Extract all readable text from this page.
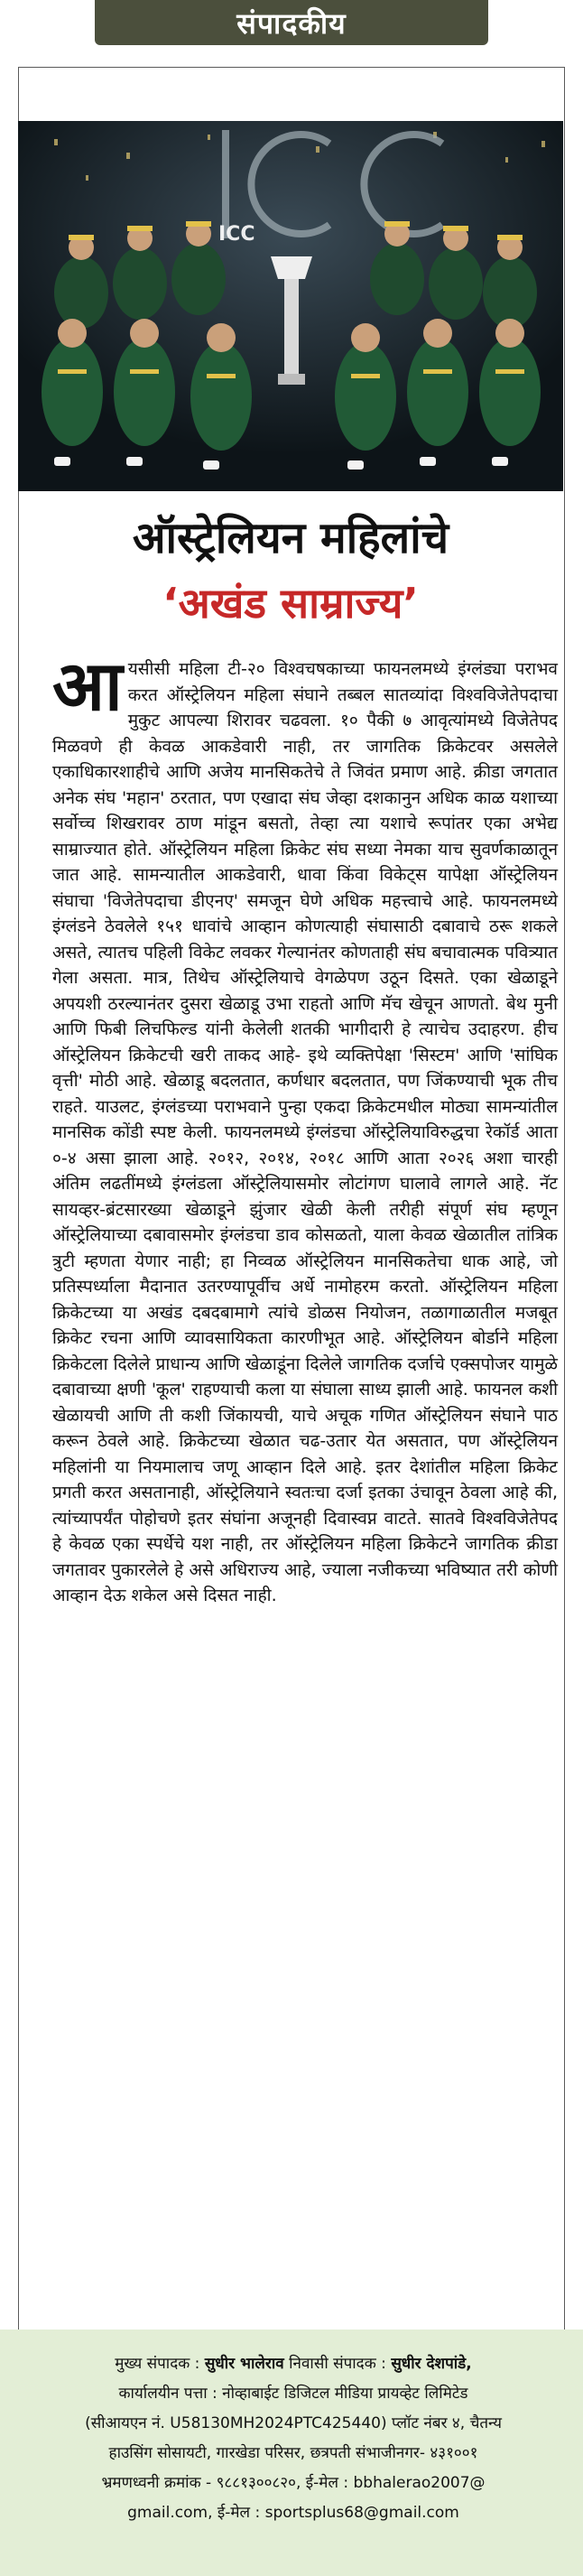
संपादकीय
ICC
ऑस्ट्रेलियन महिलांचे
‘अखंड साम्राज्य’

आयसीसी महिला टी-२० विश्वचषकाच्या फायनलमध्ये इंग्लंड्या पराभव करत ऑस्ट्रेलियन महिला संघाने तब्बल सातव्यांदा विश्वविजेतेपदाचा मुकुट आपल्या शिरावर चढवला. १० पैकी ७ आवृत्यांमध्ये विजेतेपद मिळवणे ही केवळ आकडेवारी नाही, तर जागतिक क्रिकेटवर असलेले एकाधिकारशाहीचे आणि अजेय मानसिकतेचे ते जिवंत प्रमाण आहे. क्रीडा जगतात अनेक संघ 'महान' ठरतात, पण एखादा संघ जेव्हा दशकानुन अधिक काळ यशाच्या सर्वोच्च शिखरावर ठाण मांडून बसतो, तेव्हा त्या यशाचे रूपांतर एका अभेद्य साम्राज्यात होते. ऑस्ट्रेलियन महिला क्रिकेट संघ सध्या नेमका याच सुवर्णकाळातून जात आहे. सामन्यातील आकडेवारी, धावा किंवा विकेट्स यापेक्षा ऑस्ट्रेलियन संघाचा 'विजेतेपदाचा डीएनए' समजून घेणे अधिक महत्त्वाचे आहे. फायनलमध्ये इंग्लंडने ठेवलेले १५१ धावांचे आव्हान कोणत्याही संघासाठी दबावाचे ठरू शकले असते, त्यातच पहिली विकेट लवकर गेल्यानंतर कोणताही संघ बचावात्मक पवित्र्यात गेला असता. मात्र, तिथेच ऑस्ट्रेलियाचे वेगळेपण उठून दिसते. एका खेळाडूने अपयशी ठरल्यानंतर दुसरा खेळाडू उभा राहतो आणि मॅच खेचून आणतो. बेथ मुनी आणि फिबी लिचफिल्ड यांनी केलेली शतकी भागीदारी हे त्याचेच उदाहरण. हीच ऑस्ट्रेलियन क्रिकेटची खरी ताकद आहे- इथे व्यक्तिपेक्षा 'सिस्टम' आणि 'सांघिक वृत्ती' मोठी आहे. खेळाडू बदलतात, कर्णधार बदलतात, पण जिंकण्याची भूक तीच राहते. याउलट, इंग्लंडच्या पराभवाने पुन्हा एकदा क्रिकेटमधील मोठ्या सामन्यांतील मानसिक कोंडी स्पष्ट केली. फायनलमध्ये इंग्लंडचा ऑस्ट्रेलियाविरुद्धचा रेकॉर्ड आता ०-४ असा झाला आहे. २०१२, २०१४, २०१८ आणि आता २०२६ अशा चारही अंतिम लढतींमध्ये इंग्लंडला ऑस्ट्रेलियासमोर लोटांगण घालावे लागले आहे. नॅट सायव्हर-ब्रंटसारख्या खेळाडूने झुंजार खेळी केली तरीही संपूर्ण संघ म्हणून ऑस्ट्रेलियाच्या दबावासमोर इंग्लंडचा डाव कोसळतो, याला केवळ खेळातील तांत्रिक त्रुटी म्हणता येणार नाही; हा निव्वळ ऑस्ट्रेलियन मानसिकतेचा धाक आहे, जो प्रतिस्पर्ध्याला मैदानात उतरण्यापूर्वीच अर्धे नामोहरम करतो. ऑस्ट्रेलियन महिला क्रिकेटच्या या अखंड दबदबामागे त्यांचे डोळस नियोजन, तळागाळातील मजबूत क्रिकेट रचना आणि व्यावसायिकता कारणीभूत आहे. ऑस्ट्रेलियन बोर्डाने महिला क्रिकेटला दिलेले प्राधान्य आणि खेळाडूंना दिलेले जागतिक दर्जाचे एक्सपोजर यामुळे दबावाच्या क्षणी 'कूल' राहण्याची कला या संघाला साध्य झाली आहे. फायनल कशी खेळायची आणि ती कशी जिंकायची, याचे अचूक गणित ऑस्ट्रेलियन संघाने पाठ करून ठेवले आहे. क्रिकेटच्या खेळात चढ-उतार येत असतात, पण ऑस्ट्रेलियन महिलांनी या नियमालाच जणू आव्हान दिले आहे. इतर देशांतील महिला क्रिकेट प्रगती करत असतानाही, ऑस्ट्रेलियाने स्वतःचा दर्जा इतका उंचावून ठेवला आहे की, त्यांच्यापर्यंत पोहोचणे इतर संघांना अजूनही दिवास्वप्न वाटते. सातवे विश्वविजेतेपद हे केवळ एका स्पर्धेचे यश नाही, तर ऑस्ट्रेलियन महिला क्रिकेटने जागतिक क्रीडा जगतावर पुकारलेले हे असे अधिराज्य आहे, ज्याला नजीकच्या भविष्यात तरी कोणी आव्हान देऊ शकेल असे दिसत नाही.

मुख्य संपादक : सुधीर भालेराव निवासी संपादक : सुधीर देशपांडे,
कार्यालयीन पत्ता : नोव्हाबाईट डिजिटल मीडिया प्रायव्हेट लिमिटेड
(सीआयएन नं. U58130MH2024PTC425440) प्लॉट नंबर ४, चैतन्य
हाउसिंग सोसायटी, गारखेडा परिसर, छत्रपती संभाजीनगर- ४३१००१
भ्रमणध्वनी क्रमांक - ९८८१३००८२०, ई-मेल : bbhalerao2007@
gmail.com, ई-मेल : sportsplus68@gmail.com
